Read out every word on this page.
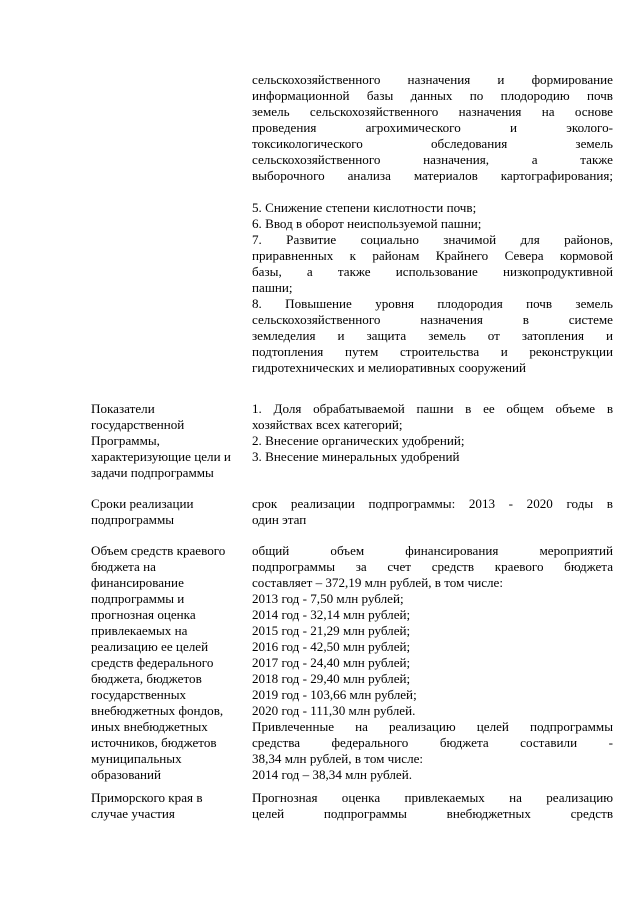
сельскохозяйственного назначения и формирование
информационной базы данных по плодородию почв
земель сельскохозяйственного назначения на основе
проведения агрохимического и эколого-
токсикологического обследования земель
сельскохозяйственного назначения, а также
выборочного анализа материалов картографирования;
5. Снижение степени кислотности почв;
6. Ввод в оборот неиспользуемой пашни;
7. Развитие социально значимой для районов,
приравненных к районам Крайнего Севера кормовой
базы, а также использование низкопродуктивной
пашни;
8. Повышение уровня плодородия почв земель
сельскохозяйственного назначения в системе
земледелия и защита земель от затопления и
подтопления путем строительства и реконструкции
гидротехнических и мелиоративных сооружений
Показатели
государственной
Программы,
характеризующие цели и
задачи подпрограммы
1. Доля обрабатываемой пашни в ее общем объеме в
хозяйствах всех категорий;
2. Внесение органических удобрений;
3. Внесение минеральных удобрений
Сроки реализации
подпрограммы
срок реализации подпрограммы: 2013 - 2020 годы в
один этап
Объем средств краевого
бюджета на
финансирование
подпрограммы и
прогнозная оценка
привлекаемых на
реализацию ее целей
средств федерального
бюджета, бюджетов
государственных
внебюджетных фондов,
иных внебюджетных
источников, бюджетов
муниципальных
образований
Приморского края в
случае участия
общий объем финансирования мероприятий
подпрограммы за счет средств краевого бюджета
составляет – 372,19 млн рублей, в том числе:
2013 год - 7,50 млн рублей;
2014 год - 32,14 млн рублей;
2015 год - 21,29 млн рублей;
2016 год - 42,50 млн рублей;
2017 год - 24,40 млн рублей;
2018 год - 29,40 млн рублей;
2019 год - 103,66 млн рублей;
2020 год - 111,30 млн рублей.
Привлеченные на реализацию целей подпрограммы
средства федерального бюджета составили -
38,34 млн рублей, в том числе:
2014 год – 38,34 млн рублей.
Прогнозная оценка привлекаемых на реализацию
целей подпрограммы внебюджетных средств
